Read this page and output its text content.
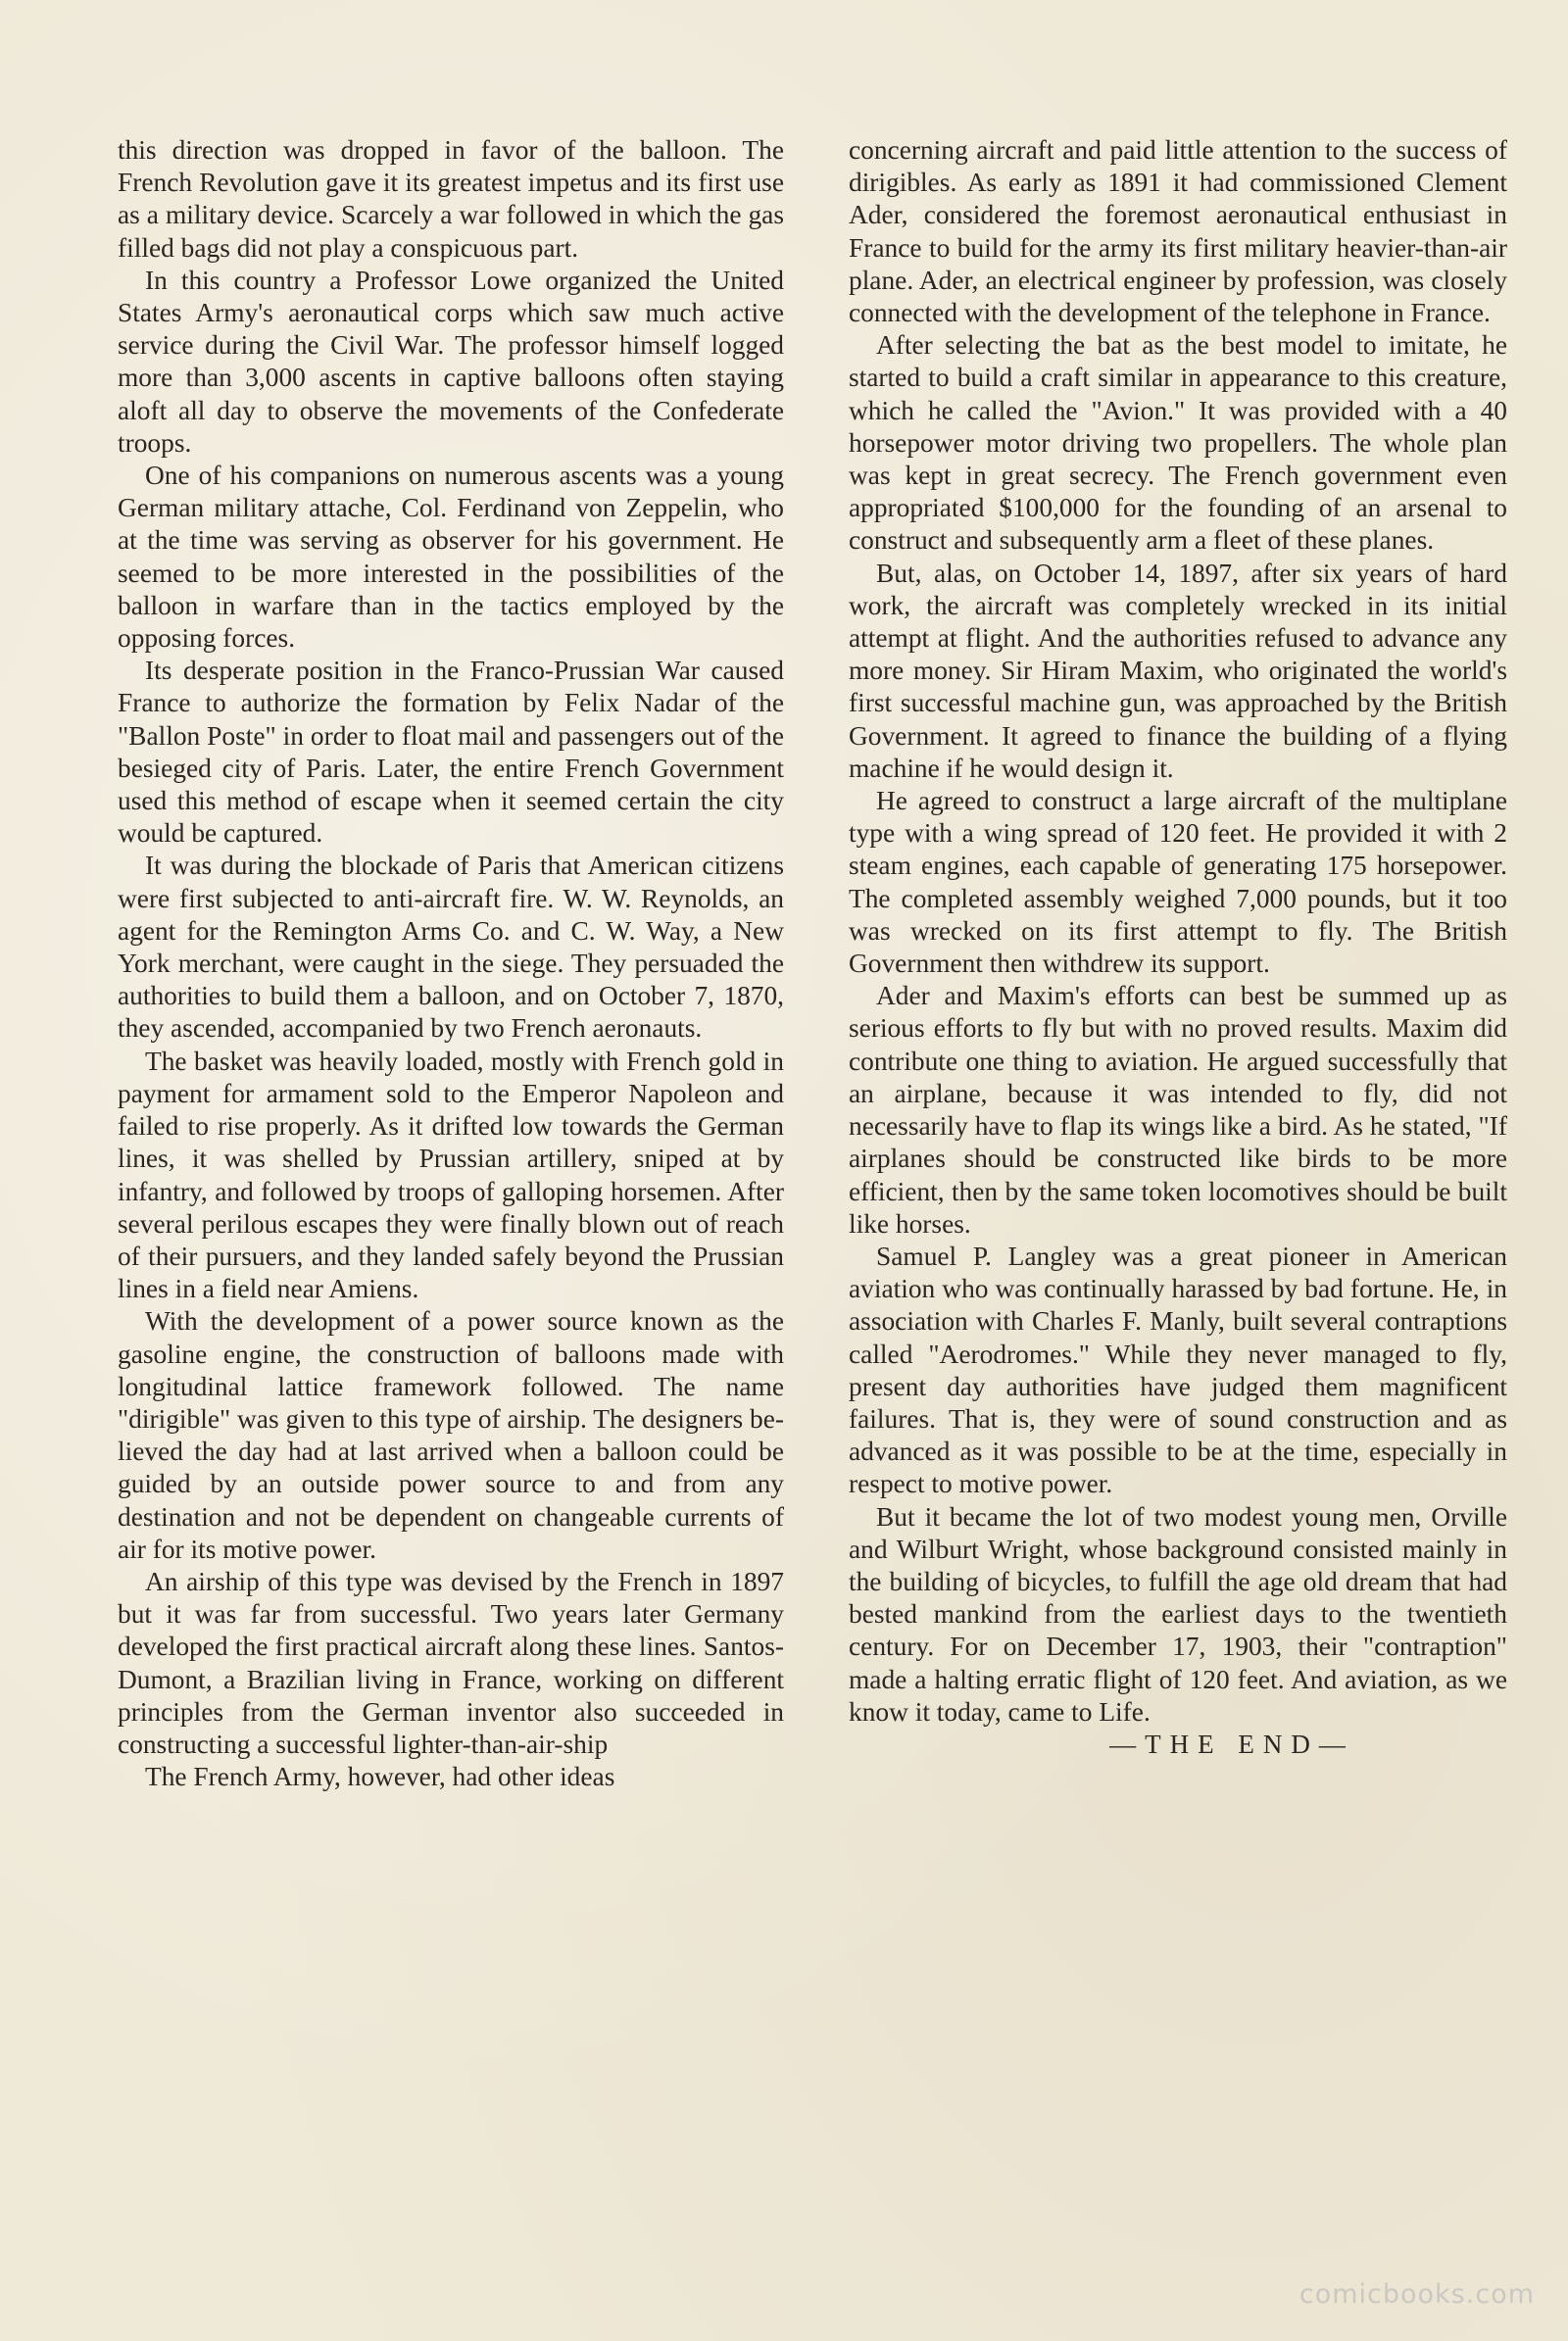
this direction was dropped in favor of the balloon. The French Revolution gave it its greatest impetus and its first use as a military device. Scarcely a war followed in which the gas filled bags did not play a conspicuous part.

In this country a Professor Lowe organized the United States Army's aeronautical corps which saw much active service during the Civil War. The professor himself logged more than 3,000 ascents in captive balloons often staying aloft all day to observe the movements of the Confederate troops.

One of his companions on numerous ascents was a young German military attache, Col. Ferdinand von Zeppelin, who at the time was serving as observer for his government. He seemed to be more interested in the possibilities of the balloon in warfare than in the tactics employed by the opposing forces.

Its desperate position in the Franco-Prussian War caused France to authorize the formation by Felix Nadar of the "Ballon Poste" in order to float mail and passengers out of the besieged city of Paris. Later, the entire French Government used this method of escape when it seemed certain the city would be captured.

It was during the blockade of Paris that American citizens were first subjected to anti-aircraft fire. W. W. Reynolds, an agent for the Remington Arms Co. and C. W. Way, a New York merchant, were caught in the siege. They persuaded the authorities to build them a balloon, and on October 7, 1870, they ascended, accompanied by two French aeronauts.

The basket was heavily loaded, mostly with French gold in payment for armament sold to the Emperor Napoleon and failed to rise properly. As it drifted low towards the German lines, it was shelled by Prussian artillery, sniped at by infantry, and followed by troops of galloping horsemen. After several perilous escapes they were finally blown out of reach of their pursuers, and they landed safely beyond the Prussian lines in a field near Amiens.

With the development of a power source known as the gasoline engine, the construction of balloons made with longitudinal lattice framework followed. The name "dirigible" was given to this type of airship. The designers believed the day had at last arrived when a balloon could be guided by an outside power source to and from any destination and not be dependent on changeable currents of air for its motive power.

An airship of this type was devised by the French in 1897 but it was far from successful. Two years later Germany developed the first practical aircraft along these lines. Santos-Dumont, a Brazilian living in France, working on different principles from the German inventor also succeeded in constructing a successful lighter-than-air-ship

The French Army, however, had other ideas

concerning aircraft and paid little attention to the success of dirigibles. As early as 1891 it had commissioned Clement Ader, considered the foremost aeronautical enthusiast in France to build for the army its first military heavier-than-air plane. Ader, an electrical engineer by profession, was closely connected with the development of the telephone in France.

After selecting the bat as the best model to imitate, he started to build a craft similar in appearance to this creature, which he called the "Avion." It was provided with a 40 horsepower motor driving two propellers. The whole plan was kept in great secrecy. The French government even appropriated $100,000 for the founding of an arsenal to construct and subsequently arm a fleet of these planes.

But, alas, on October 14, 1897, after six years of hard work, the aircraft was completely wrecked in its initial attempt at flight. And the authorities refused to advance any more money. Sir Hiram Maxim, who originated the world's first successful machine gun, was approached by the British Government. It agreed to finance the building of a flying machine if he would design it.

He agreed to construct a large aircraft of the multiplane type with a wing spread of 120 feet. He provided it with 2 steam engines, each capable of generating 175 horsepower. The completed assembly weighed 7,000 pounds, but it too was wrecked on its first attempt to fly. The British Government then withdrew its support.

Ader and Maxim's efforts can best be summed up as serious efforts to fly but with no proved results. Maxim did contribute one thing to aviation. He argued successfully that an airplane, because it was intended to fly, did not necessarily have to flap its wings like a bird. As he stated, "If airplanes should be constructed like birds to be more efficient, then by the same token locomotives should be built like horses.

Samuel P. Langley was a great pioneer in American aviation who was continually harassed by bad fortune. He, in association with Charles F. Manly, built several contraptions called "Aerodromes." While they never managed to fly, present day authorities have judged them magnificent failures. That is, they were of sound construction and as advanced as it was possible to be at the time, especially in respect to motive power.

But it became the lot of two modest young men, Orville and Wilburt Wright, whose background consisted mainly in the building of bicycles, to fulfill the age old dream that had bested mankind from the earliest days to the twentieth century. For on December 17, 1903, their "contraption" made a halting erratic flight of 120 feet. And aviation, as we know it today, came to Life.

—THE END—

comicbooks.com
